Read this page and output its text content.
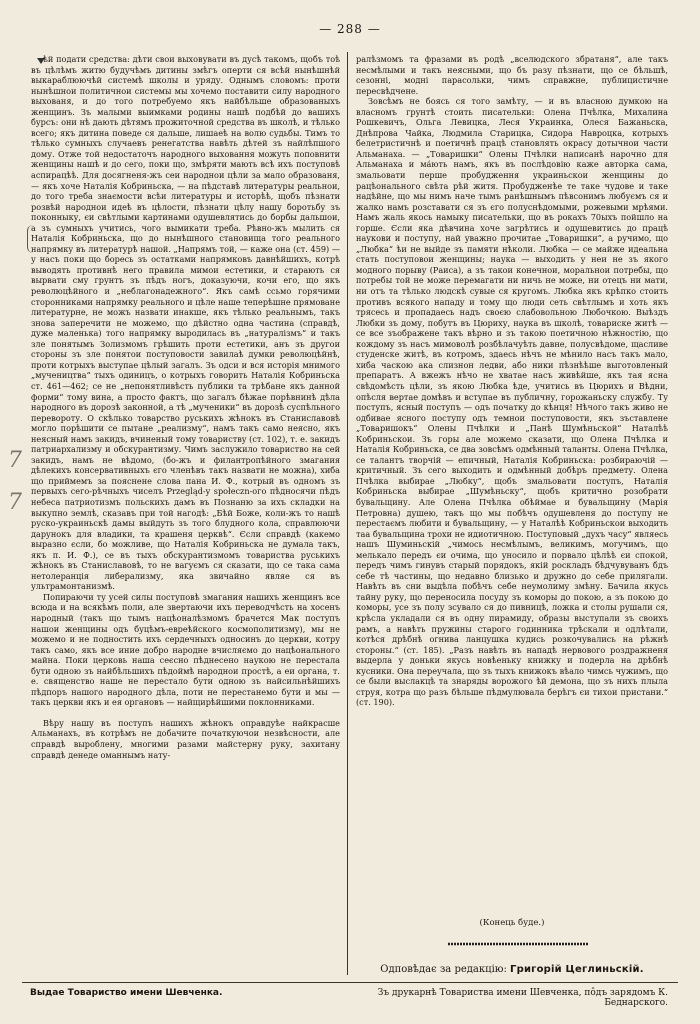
— 288 —
7
7

ѣй подати средства: дѣти свои выховувати въ дусѣ такомъ, щобъ тоѣ въ цѣлѣмъ житю будучѣмъ дитины змѣгъ оперти ся всѣй нынѣшнѣй выкараблюючѣй системѣ школы и уряду. Однымъ словомъ: проти нынѣшнои политичнои системы мы хочемо поставити силу народного выхованя, и до того потребуемо якъ найбѣльше образованыхъ женщинъ. Зъ малыми выимками родины нашѣ подбѣй до вашихъ бурсъ: они нѣ дають дѣтямъ прожиточной средства въ школѣ, и тѣлько всего; якъ дитина поведе ся дальше, лишаеѣ на волю судьбы. Тимъ то тѣлько сумныхъ случаевъ ренегатства навѣть дѣтей зъ найлѣпшого дому. Отже той недостаточъ народного выховання можуть поповнити женщины нашѣ и до сего, поки що, змѣряти мають всѣ ихъ поступовѣ аспирацѣѣ. Для досягненя-жъ сеи народнои цѣли за мало образованя, — якъ хоче Наталія Кобриньска, — на пѣдставѣ литературы реальнои, до того треба знаємости всѣи литературы и исторѣѣ, щобъ пѣзнати розвѣй народнои идеѣ въ цѣлости, пѣзнати цѣлу нашу боротьбу зъ поконныку, єи свѣтлыми картинами одушевлятись до борбы дальшои, а зъ сумныхъ учитись, чого вымикати треба. Рѣвно-жъ мылить ся Наталія Кобриньска, що до нынѣшного становища того реального напрямку въ литературѣ нашой. „Напрямъ той, — каже она (ст. 459) — у насъ поки що боресь зъ остатками напрямковъ давнѣйшихъ, котрѣ выводять противнѣ него правила мимои естетики, и старають ся вырвати сму грунтъ зъ пѣдъ ногъ, доказуючи, кочи его, що якъ революцѣйного и „неблагонадежного“. Якъ самѣ ссьмо горячими сторонниками напрямку реального и цѣле наше теперѣшне прямоване литературне, не можъ назвати инакше, якъ тѣлько реальнымъ, такъ знова заперечити не можемо, що дѣйстно одна частина (справдѣ, дуже маленька) того напрямку выродилась въ „натуралізмъ“ и такъ зле понятымъ Золизмомъ грѣшить проти естетики, анъ зъ другои стороны зъ зле понятои поступовости завилаѣ думки революцѣйнѣ, проти котрыхъ выступае цѣлый загалъ. Зъ одси и вся исторія мнимого „мучеництва“ тыхъ одиницъ, о котрыхъ говорить Наталія Кобриньска ст. 461—462; се не „непонятливѣсть публики та трѣбане якъ данной форми“ тому вина, а просто фактъ, що загалъ бѣжае порѣвнинѣ дѣла народного въ дорозѣ законной, а тѣ „мученики“ въ дорозѣ суспѣльного перевороту. О скѣлько товарство руськихъ жѣнокъ въ Станиславовѣ могло порѣшити се пытане „реализму“, намъ такъ само неясно, якъ неясный намъ закидъ, вчиненый тому товариству (ст. 102), т. е. закидъ патриархализму и обскурантизму. Чимъ заслужило товариство на сей закидъ, намъ не вѣдомо, (бо-жъ и филантропѣйного змагания дѣлекихъ консервативныхъ єго членѣвъ такъ назвати не можна), хиба що приймемъ за пояснене слова пана И. Ф., котрый въ одномъ зъ первыхъ сего-рѣчныхъ чиселъ Przegląd-y społeczn-ого пѣдносячи пѣдъ небеса патриотизмъ польскихъ дамъ въ Познаню за ихъ складки на выкупно землѣ, сказавъ при той нагодѣ: „Бѣй Боже, коли-жъ то нашѣ руско-украиньскѣ дамы выйдуть зъ того блудного кола, справлюючи дарунокъ для владики, та крашеня церквѣ“. Єсли справдѣ (какемо выразно єсли, бо можливе, що Наталія Кобриньска не думала такъ, якъ п. И. Ф.), се въ тыхъ обскурантизмомъ товариства руськихъ жѣнокъ въ Станиславовѣ, то не вагуємъ ся сказати, що се така сама нетолеранція либерализму, яка звичайно являе ся въ ультрамонтанизмѣ.

Попираючи ту усей силы поступовѣ змагания нашихъ женщинъ все всюда и на всякѣмъ поли, але звертаючи ихъ переводчѣсть на хосенъ народный (такъ що тымъ нацѣоналѣзмомъ брачется Мак поступъ нашои женщины одъ буцѣмъ-евреѣйского космополитизму), мы не можемо и не подностить ихъ сердечныхъ односинъ до церкви, котру такъ само, якъ все иние добро народне вчисляємо до нацѣонального майна. Поки церковь наша сеєсно пѣднесено наукою не перестала бути одною зъ найбѣльшихъ пѣдоймѣ народнои простѣ, а еи органа, т. е. священство наше не перестало бути одною зъ найсильнѣйшихъ пѣдпоръ нашого народного дѣла, поти не перестанемо бути и мы — такъ церкви якъ и ея органовъ — найщирѣйшими поклонниками.

Вѣру нашу въ поступъ нашихъ жѣнокъ оправдуѣе найкрасше Альманахъ, въ котрѣмъ не добачите початкуючои незвѣсности, але справдѣ выроблену, многими разами майстерну руку, захитану справдѣ денеде оманнымъ нату-

ралѣзмомъ та фразами въ родѣ „вселюдского збратаня“, але такъ несмѣлыми и такъ неясными, що бъ разу пѣзнати, що се бѣльшѣ, сезонні, модні парасольки, чимъ справжне, публицистичне пересвѣдчене.

Зовсѣмъ не боясь ся того замѣту, — и въ власною думкою на власномъ грунтѣ стоить писательки: Олена Пчѣлка, Михалина Рошкевичъ, Ольга Левицка, Леся Украинка, Олеся Бажаньска, Днѣпрова Чайка, Людмила Старицка, Сидора Навроцка, котрыхъ белетристичнѣ и поетичнѣ працѣ становлять окрасу дотычнои части Альманаха. — „Товаришки“ Олены Пчѣлки написанѣ нарочно для Альманаха и ма́ють намъ, якъ въ послѣдовію каже авторка сама, змальовати перше пробудження украиньскои женщины до рацѣонального свѣта рѣй житя. Пробудженѣе те таке чудове и таке надѣйне, що мы нимъ наче тымъ ранѣшнымъ пѣвсонимъ любуємъ ся и жалко намъ розставати ся зъ єго полуснѣдомыми, рожевыми мрѣями. Намъ жаль якось намыку писательки, що въ рокахъ 70ыхъ пойшло на горше. Єсли яка дѣвчина хоче загрѣтись и одушевитись до працѣ наукови и поступу, най уважно прочитае „Товаришки“, а ручимо, що „Любка“ ѣи не выйде зъ памяти нѣколи. Любка — се майже идеальна стать поступовои женщины; наука — выходить у неи не зъ якого модного порыву (Раиса), а зъ такои конечнои, моральнои потребы, що потребы той не може перемагати ни ничь не може, ни отецъ ни мати, ни отъ та тѣлько людскѣ сувые ся кругомъ. Любка якъ крѣпко стоить противъ всякого нападу и тому що люди сеть свѣтлымъ и хоть якъ трясесь и пропадаесь надъ своєю слабовольною Любочкою. Выѣздъ Любки зъ дому, побутъ въ Цюриху, наука въ школѣ, товариске житѣ — се все зъображене такъ вѣрно и зъ такою поетичною нѣжностію, що кождому зъ насъ мимоволѣ розбѣлачуѣть давне, полусвѣдоме, щасливе студенске житѣ, въ котромъ, здаесь нѣчъ не мѣнило насъ такъ мало, хиба часкою ака слизнон ледви, або ники пѣзнѣѣше выготовленый препаратъ. А вжежъ нѣчо не хватае насъ живѣйше, якъ тая ясна свѣдомѣсть цѣли, зъ якою Любка ѣде, учитись въ Цюрихъ и Вѣдни, опѣсля вертае домѣвъ и вступае въ публичну, горожаньску службу. Ту поступъ, ясный поступъ — одъ початку до кѣнця! Нѣчого такъ живо не одбивае ясного поступу одъ темнои поступовости, якъ зъставлене „Товаришокъ“ Олены Пчѣлки и „Панѣ Шумѣньской“ Наталѣѣ Кобриньскои. Зъ горы але можемо сказати, що Олена Пчѣлка и Наталія Кобриньска, се два зовсѣмъ одмѣнный таланты. Олена Пчѣлка, се талантъ творчій — епичный, Наталія Кобриньска: розбираючій — критичный. Зъ сего выходить и одмѣнный добѣръ предмету. Олена Пчѣлка выбирае „Любку“, щобъ змальовати поступъ, Наталія Кобриньска выбирае „Шумѣньску“, щобъ критично розобрати бувальщину. Але Олена Пчѣлка обѣймае и бувальщину (Марія Петровна) душею, такъ що мы побѣчъ одушевленя до поступу не перестаємъ любити и бувальщину, — у Наталѣѣ Кобриньскои выходить таа бувальщина трохи не идиотичною. Поступовый „духъ часу“ являесь нашъ Шуминьскій „чимось несмѣлымъ, великимъ, могучимъ, що мелькало передъ єи очима, що уносило и порвало цѣлѣѣ єи спокой, передъ чимъ гинувъ старый порядокъ, якій роскладъ бѣдчувуванъ бдъ себе тѣ частины, що недавно близько и дружно до себе прилягали. Навѣть въ сни выдѣла побѣчъ себе неумолиму змѣну. Бачила якусь тайну руку, що переносила посуду зъ коморы до покою, а зъ покою до коморы, усе зъ полу зсувало ся до пивницѣ, ложка и столы рушали ся, крѣсла укладали ся въ одну пирамиду, образы выступали зъ своихъ рамъ, а навѣть пружины старого годинника трѣскали и одлѣтали, котѣся дрѣбнѣ огнива ланцушка кудись розкочувались на рѣжнѣ стороны.“ (ст. 185). „Разъ навѣть въ нападѣ нервового роздражненя выдерла у доньки якусь новѣеньку книжку и подерла на дрѣбнѣ кусники. Она переучала, що зъ тыхъ книжокъ вѣало чимсь чужимъ, що се были выслакцѣ та знаряды ворожого ѣй демона, що зъ нихъ плыла струя, котра що разъ бѣльше пѣдмулювала берѣгъ єи тихои пристани.“ (ст. 190).

(Конець буде.)
Одповѣдає за редакцію: Григорій Цеглиньскій.
Выдае Товариство имени Шевченка.	Зъ друкарнѣ Товариства имени Шевченка, пôдъ зарядомъ К. Беднарского.
